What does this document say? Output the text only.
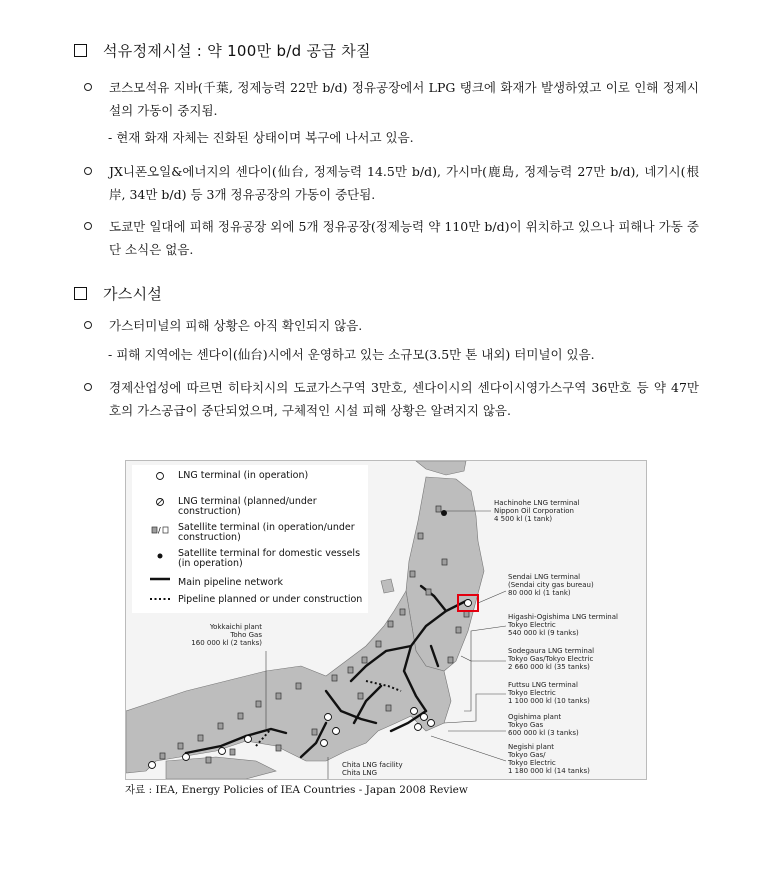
석유정제시설 : 약 100만 b/d 공급 차질
코스모석유 지바(千葉, 정제능력 22만 b/d) 정유공장에서 LPG 탱크에 화재가 발생하였고 이로 인해 정제시설의 가동이 중지됨.
- 현재 화재 자체는 진화된 상태이며 복구에 나서고 있음.
JX니폰오일&에너지의 센다이(仙台, 정제능력 14.5만 b/d), 가시마(鹿島, 정제능력 27만 b/d), 네기시(根岸, 34만 b/d) 등 3개 정유공장의 가동이 중단됨.
도쿄만 일대에 피해 정유공장 외에 5개 정유공장(정제능력 약 110만 b/d)이 위치하고 있으나 피해나 가동 중단 소식은 없음.
가스시설
가스터미널의 피해 상황은 아직 확인되지 않음.
- 피해 지역에는 센다이(仙台)시에서 운영하고 있는 소규모(3.5만 톤 내외) 터미널이 있음.
경제산업성에 따르면 히타치시의 도쿄가스구역 3만호, 센다이시의 센다이시영가스구역 36만호 등 약 47만호의 가스공급이 중단되었으며, 구체적인 시설 피해 상황은 알려지지 않음.
/
LNG terminal (in operation)
LNG terminal (planned/under construction)
Satellite terminal (in operation/under construction)
Satellite terminal for domestic vessels (in operation)
Main pipeline network
Pipeline planned or under construction
Hachinohe LNG terminal
Nippon Oil Corporation
4 500 kl (1 tank)
Sendai LNG terminal
(Sendai city gas bureau)
80 000 kl (1 tank)
Higashi-Ogishima LNG terminal
Tokyo Electric
540 000 kl (9 tanks)
Sodegaura LNG terminal
Tokyo Gas/Tokyo Electric
2 660 000 kl (35 tanks)
Futtsu LNG terminal
Tokyo Electric
1 100 000 kl (10 tanks)
Ogishima plant
Tokyo Gas
600 000 kl (3 tanks)
Negishi plant
Tokyo Gas/
Tokyo Electric
1 180 000 kl (14 tanks)
Yokkaichi plant
Toho Gas
160 000 kl (2 tanks)
Chita LNG facility
Chita LNG
자료 : IEA, Energy Policies of IEA Countries - Japan 2008 Review
